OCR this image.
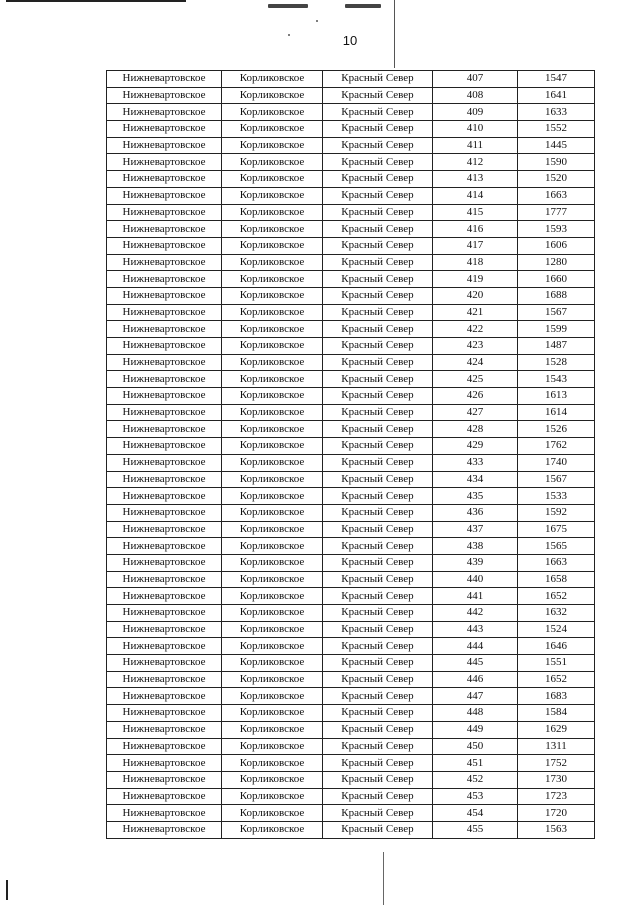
10
Нижневартовское	Корликовское	Красный Север	407	1547
Нижневартовское	Корликовское	Красный Север	408	1641
Нижневартовское	Корликовское	Красный Север	409	1633
Нижневартовское	Корликовское	Красный Север	410	1552
Нижневартовское	Корликовское	Красный Север	411	1445
Нижневартовское	Корликовское	Красный Север	412	1590
Нижневартовское	Корликовское	Красный Север	413	1520
Нижневартовское	Корликовское	Красный Север	414	1663
Нижневартовское	Корликовское	Красный Север	415	1777
Нижневартовское	Корликовское	Красный Север	416	1593
Нижневартовское	Корликовское	Красный Север	417	1606
Нижневартовское	Корликовское	Красный Север	418	1280
Нижневартовское	Корликовское	Красный Север	419	1660
Нижневартовское	Корликовское	Красный Север	420	1688
Нижневартовское	Корликовское	Красный Север	421	1567
Нижневартовское	Корликовское	Красный Север	422	1599
Нижневартовское	Корликовское	Красный Север	423	1487
Нижневартовское	Корликовское	Красный Север	424	1528
Нижневартовское	Корликовское	Красный Север	425	1543
Нижневартовское	Корликовское	Красный Север	426	1613
Нижневартовское	Корликовское	Красный Север	427	1614
Нижневартовское	Корликовское	Красный Север	428	1526
Нижневартовское	Корликовское	Красный Север	429	1762
Нижневартовское	Корликовское	Красный Север	433	1740
Нижневартовское	Корликовское	Красный Север	434	1567
Нижневартовское	Корликовское	Красный Север	435	1533
Нижневартовское	Корликовское	Красный Север	436	1592
Нижневартовское	Корликовское	Красный Север	437	1675
Нижневартовское	Корликовское	Красный Север	438	1565
Нижневартовское	Корликовское	Красный Север	439	1663
Нижневартовское	Корликовское	Красный Север	440	1658
Нижневартовское	Корликовское	Красный Север	441	1652
Нижневартовское	Корликовское	Красный Север	442	1632
Нижневартовское	Корликовское	Красный Север	443	1524
Нижневартовское	Корликовское	Красный Север	444	1646
Нижневартовское	Корликовское	Красный Север	445	1551
Нижневартовское	Корликовское	Красный Север	446	1652
Нижневартовское	Корликовское	Красный Север	447	1683
Нижневартовское	Корликовское	Красный Север	448	1584
Нижневартовское	Корликовское	Красный Север	449	1629
Нижневартовское	Корликовское	Красный Север	450	1311
Нижневартовское	Корликовское	Красный Север	451	1752
Нижневартовское	Корликовское	Красный Север	452	1730
Нижневартовское	Корликовское	Красный Север	453	1723
Нижневартовское	Корликовское	Красный Север	454	1720
Нижневартовское	Корликовское	Красный Север	455	1563
